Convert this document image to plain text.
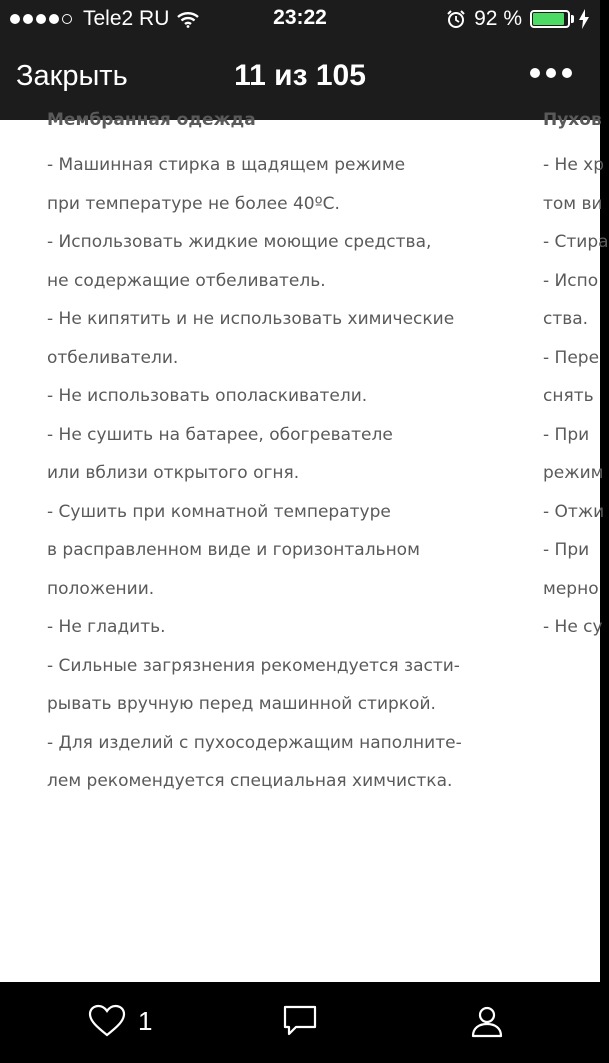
Tele2 RU	23:22	92 %
Закрыть	11 из 105
Мембранная одежда
- Машинная стирка в щадящем режиме
при температуре не более 40ºС.
- Использовать жидкие моющие средства,
не содержащие отбеливатель.
- Не кипятить и не использовать химические
отбеливатели.
- Не использовать ополаскиватели.
- Не сушить на батарее, обогревателе
или вблизи открытого огня.
- Сушить при комнатной температуре
в расправленном виде и горизонтальном
положении.
- Не гладить.
- Сильные загрязнения рекомендуется засти-
рывать вручную перед машинной стиркой.
- Для изделий с пухосодержащим наполните-
лем рекомендуется специальная химчистка.
Пухов
- Не хр
том ви
- Стира
- Испо
ства.
- Пере
снять
- При
режим
- Отжи
- При
мерно
- Не су
1
